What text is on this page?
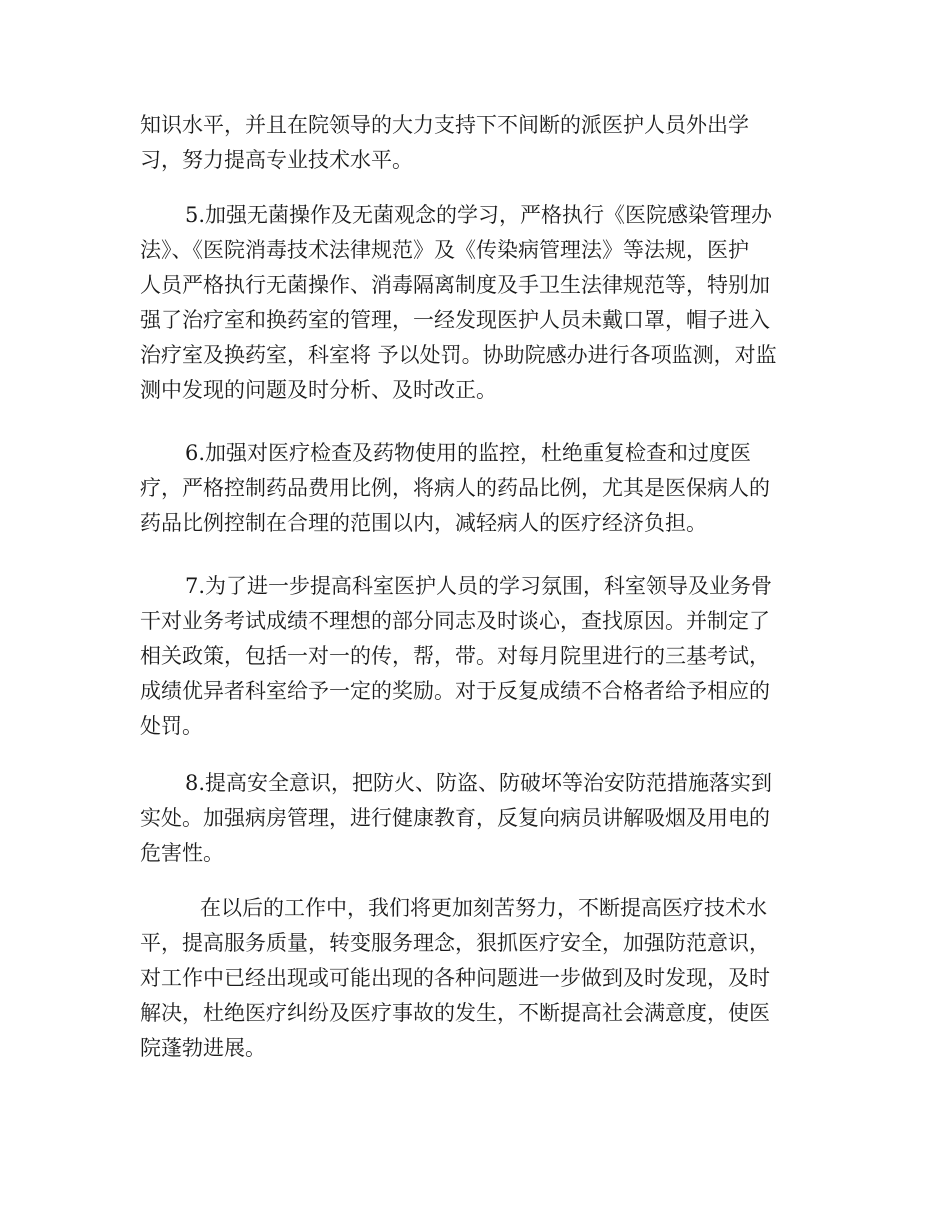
知识水平，并且在院领导的大力支持下不间断的派医护人员外出学
习，努力提高专业技术水平。
5.加强无菌操作及无菌观念的学习，严格执行《医院感染管理办
法》、《医院消毒技术法律规范》及《传染病管理法》等法规，医护
人员严格执行无菌操作、消毒隔离制度及手卫生法律规范等，特别加
强了治疗室和换药室的管理，一经发现医护人员未戴口罩，帽子进入
治疗室及换药室，科室将 予以处罚。协助院感办进行各项监测，对监
测中发现的问题及时分析、及时改正。
6.加强对医疗检查及药物使用的监控，杜绝重复检查和过度医
疗，严格控制药品费用比例，将病人的药品比例，尤其是医保病人的
药品比例控制在合理的范围以内，减轻病人的医疗经济负担。
7.为了进一步提高科室医护人员的学习氛围，科室领导及业务骨
干对业务考试成绩不理想的部分同志及时谈心，查找原因。并制定了
相关政策，包括一对一的传，帮，带。对每月院里进行的三基考试，
成绩优异者科室给予一定的奖励。对于反复成绩不合格者给予相应的
处罚。
8.提高安全意识，把防火、防盗、防破坏等治安防范措施落实到
实处。加强病房管理，进行健康教育，反复向病员讲解吸烟及用电的
危害性。
在以后的工作中，我们将更加刻苦努力，不断提高医疗技术水
平，提高服务质量，转变服务理念，狠抓医疗安全，加强防范意识，
对工作中已经出现或可能出现的各种问题进一步做到及时发现，及时
解决，杜绝医疗纠纷及医疗事故的发生，不断提高社会满意度，使医
院蓬勃进展。
